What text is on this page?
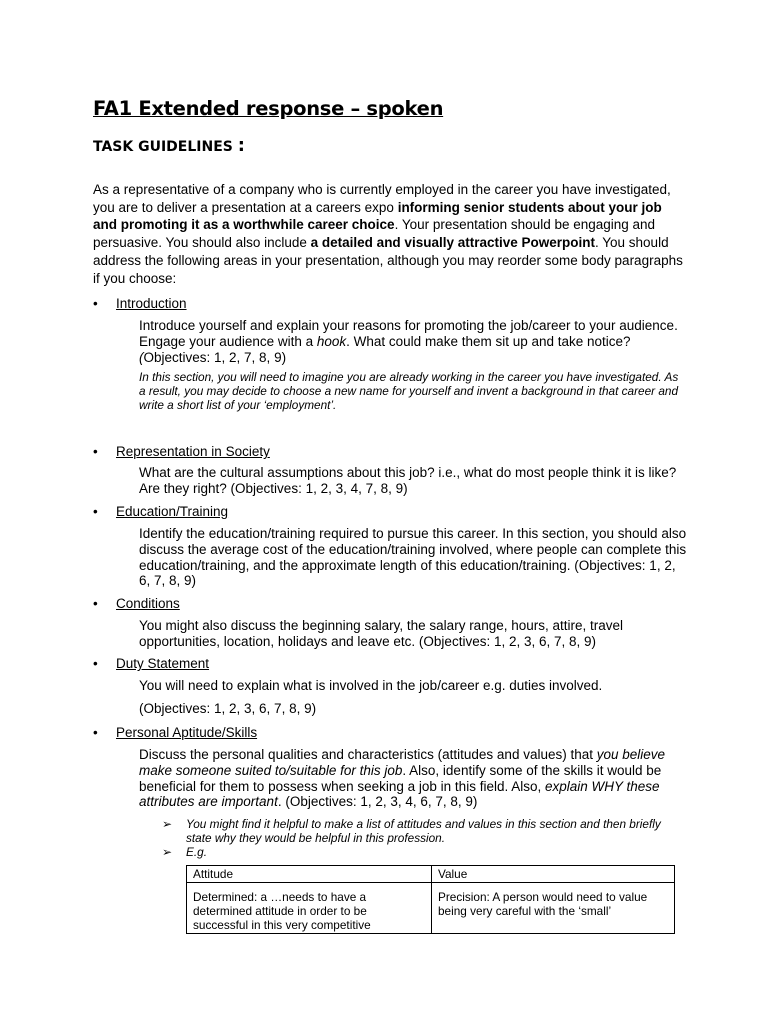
FA1 Extended response – spoken
TASK GUIDELINES :
As a representative of a company who is currently employed in the career you have investigated, you are to deliver a presentation at a careers expo informing senior students about your job and promoting it as a worthwhile career choice. Your presentation should be engaging and persuasive. You should also include a detailed and visually attractive Powerpoint. You should address the following areas in your presentation, although you may reorder some body paragraphs if you choose:
• Introduction
Introduce yourself and explain your reasons for promoting the job/career to your audience. Engage your audience with a hook. What could make them sit up and take notice?(Objectives: 1, 2, 7, 8, 9)
In this section, you will need to imagine you are already working in the career you have investigated. As a result, you may decide to choose a new name for yourself and invent a background in that career and write a short list of your ‘employment’.
• Representation in Society
What are the cultural assumptions about this job? i.e., what do most people think it is like? Are they right? (Objectives: 1, 2, 3, 4, 7, 8, 9)
• Education/Training
Identify the education/training required to pursue this career. In this section, you should also discuss the average cost of the education/training involved, where people can complete this education/training, and the approximate length of this education/training. (Objectives: 1, 2, 6, 7, 8, 9)
• Conditions
You might also discuss the beginning salary, the salary range, hours, attire, travel opportunities, location, holidays and leave etc. (Objectives: 1, 2, 3, 6, 7, 8, 9)
• Duty Statement
You will need to explain what is involved in the job/career e.g. duties involved.
(Objectives: 1, 2, 3, 6, 7, 8, 9)
• Personal Aptitude/Skills
Discuss the personal qualities and characteristics (attitudes and values) that you believe make someone suited to/suitable for this job. Also, identify some of the skills it would be beneficial for them to possess when seeking a job in this field. Also, explain WHY these attributes are important. (Objectives: 1, 2, 3, 4, 6, 7, 8, 9)
➢ You might find it helpful to make a list of attitudes and values in this section and then briefly state why they would be helpful in this profession.
➢ E.g.
Attitude	Value
Determined: a …needs to have a determined attitude in order to be successful in this very competitive	Precision: A person would need to value being very careful with the ‘small’
